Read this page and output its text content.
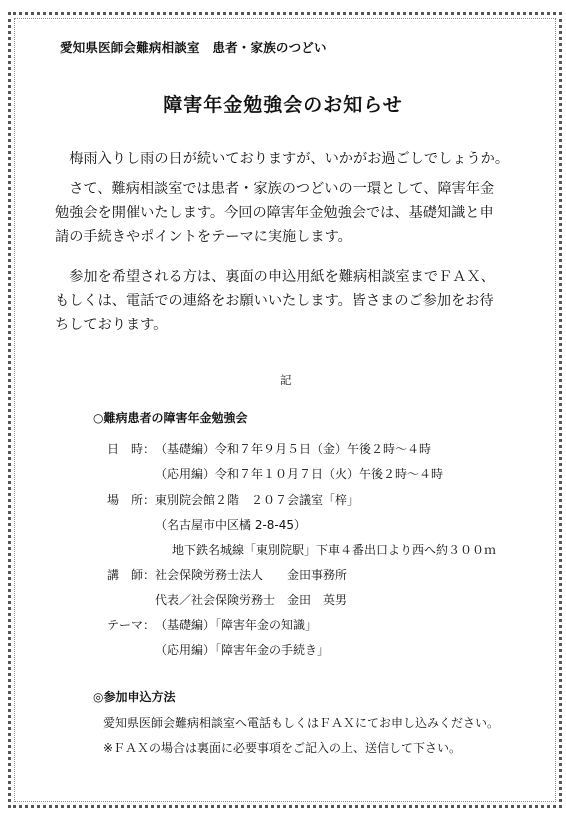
愛知県医師会難病相談室　患者・家族のつどい
障害年金勉強会のお知らせ
　梅雨入りし雨の日が続いておりますが、いかがお過ごしでしょうか。
　さて、難病相談室では患者・家族のつどいの一環として、障害年金
勉強会を開催いたします。今回の障害年金勉強会では、基礎知識と申
請の手続きやポイントをテーマに実施します。
　参加を希望される方は、裏面の申込用紙を難病相談室までＦＡＸ、
もしくは、電話での連絡をお願いいたします。皆さまのご参加をお待
ちしております。
記
○難病患者の障害年金勉強会
日　時：（基礎編）令和７年９月５日（金）午後２時～４時
（応用編）令和７年１０月７日（火）午後２時～４時
場　所：東別院会館２階　２０７会議室「梓」
（名古屋市中区橘 2-8-45）
地下鉄名城線「東別院駅」下車４番出口より西へ約３００ｍ
講　師：社会保険労務士法人　　金田事務所
代表／社会保険労務士　金田　英男
テーマ：（基礎編）「障害年金の知識」
（応用編）「障害年金の手続き」
◎参加申込方法
愛知県医師会難病相談室へ電話もしくはＦＡＸにてお申し込みください。
※ＦＡＸの場合は裏面に必要事項をご記入の上、送信して下さい。
